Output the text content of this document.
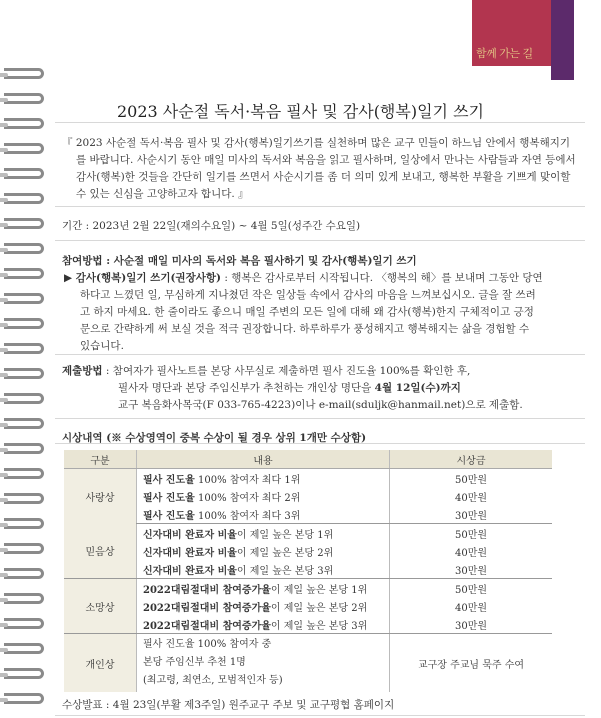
함께 가는 길
2023 사순절 독서·복음 필사 및 감사(행복)일기 쓰기
『 2023 사순절 독서·복음 필사 및 감사(행복)일기쓰기를 실천하며 많은 교구 민들이 하느님 안에서 행복해지기
를 바랍니다. 사순시기 동안 매일 미사의 독서와 복음을 읽고 필사하며, 일상에서 만나는 사람들과 자연 등에서
감사(행복)한 것들을 간단히 일기를 쓰면서 사순시기를 좀 더 의미 있게 보내고, 행복한 부활을 기쁘게 맞이할
수 있는 신심을 고양하고자 합니다. 』
기간 : 2023년 2월 22일(재의수요일) ~ 4월 5일(성주간 수요일)
참여방법 : 사순절 매일 미사의 독서와 복음 필사하기 및 감사(행복)일기 쓰기
▶ 감사(행복)일기 쓰기(권장사항) : 행복은 감사로부터 시작됩니다. 〈행복의 해〉를 보내며 그동안 당연
하다고 느꼈던 일, 무심하게 지나쳤던 작은 일상들 속에서 감사의 마음을 느껴보십시오. 글을 잘 쓰려
고 하지 마세요. 한 줄이라도 좋으니 매일 주변의 모든 일에 대해 왜 감사(행복)한지 구체적이고 긍정
문으로 간략하게 써 보실 것을 적극 권장합니다. 하루하루가 풍성해지고 행복해지는 삶을 경험할 수
있습니다.
제출방법 : 참여자가 필사노트를 본당 사무실로 제출하면 필사 진도율 100%를 확인한 후,
필사자 명단과 본당 주임신부가 추천하는 개인상 명단을 4월 12일(수)까지
교구 복음화사목국(F 033-765-4223)이나 e-mail(sduljk@hanmail.net)으로 제출함.
시상내역 (※ 수상영역이 중복 수상이 될 경우 상위 1개만 수상함)
구분	내용	시상금
사랑상	필사 진도율 100% 참여자 최다 1위	50만원
	필사 진도율 100% 참여자 최다 2위	40만원
	필사 진도율 100% 참여자 최다 3위	30만원
믿음상	신자대비 완료자 비율이 제일 높은 본당 1위	50만원
	신자대비 완료자 비율이 제일 높은 본당 2위	40만원
	신자대비 완료자 비율이 제일 높은 본당 3위	30만원
소망상	2022대림절대비 참여증가율이 제일 높은 본당 1위	50만원
	2022대림절대비 참여증가율이 제일 높은 본당 2위	40만원
	2022대림절대비 참여증가율이 제일 높은 본당 3위	30만원
개인상	필사 진도율 100% 참여자 중
본당 주임신부 추천 1명
(최고령, 최연소, 모범적인자 등)	교구장 주교님 묵주 수여
수상발표 : 4월 23일(부활 제3주일) 원주교구 주보 및 교구평협 홈페이지
